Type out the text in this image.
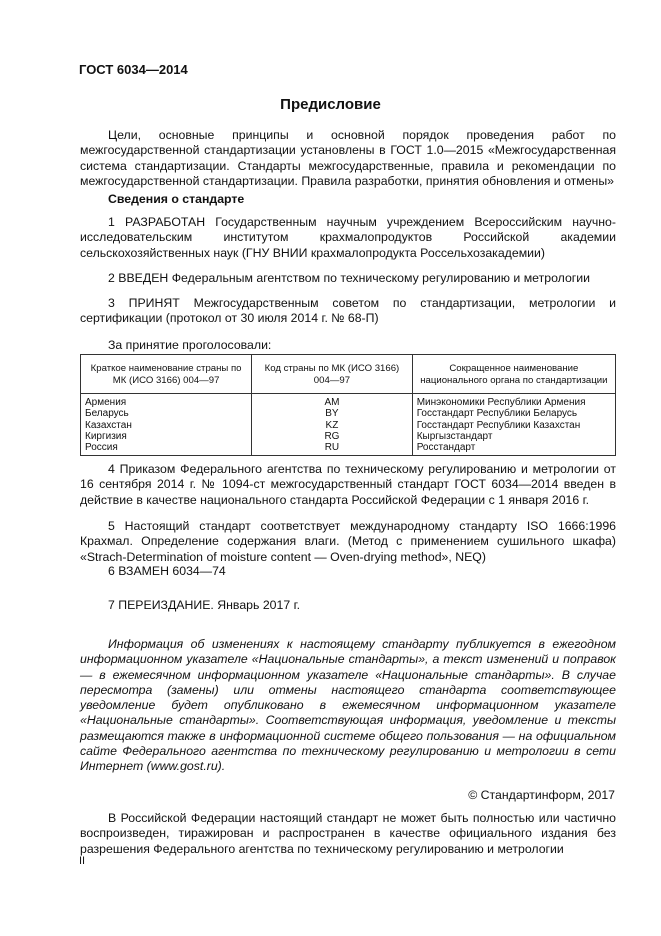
ГОСТ 6034—2014
Предисловие

Цели, основные принципы и основной порядок проведения работ по межгосударственной стандартизации установлены в ГОСТ 1.0—2015 «Межгосударственная система стандартизации. Стандарты межгосударственные, правила и рекомендации по межгосударственной стандартизации. Правила разработки, принятия обновления и отмены»

Сведения о стандарте

1 РАЗРАБОТАН Государственным научным учреждением Всероссийским научно-исследовательским институтом крахмалопродуктов Российской академии сельскохозяйственных наук (ГНУ ВНИИ крахмалопродукта Россельхозакадемии)

2 ВВЕДЕН Федеральным агентством по техническому регулированию и метрологии

3 ПРИНЯТ Межгосударственным советом по стандартизации, метрологии и сертификации (протокол от 30 июля 2014 г. № 68-П)

За принятие проголосовали:

Краткое наименование страны по МК (ИСО 3166) 004—97	Код страны по МК (ИСО 3166) 004—97	Сокращенное наименование национального органа по стандартизации
Армения	AM	Минэкономики Республики Армения
Беларусь	BY	Госстандарт Республики Беларусь
Казахстан	KZ	Госстандарт Республики Казахстан
Киргизия	RG	Кыргызстандарт
Россия	RU	Росстандарт

4 Приказом Федерального агентства по техническому регулированию и метрологии от 16 сентября 2014 г. № 1094-ст межгосударственный стандарт ГОСТ 6034—2014 введен в действие в качестве национального стандарта Российской Федерации с 1 января 2016 г.

5 Настоящий стандарт соответствует международному стандарту ISO 1666:1996 Крахмал. Определение содержания влаги. (Метод с применением сушильного шкафа) «Strach-Determination of moisture content — Oven-drying method», NEQ)

6 ВЗАМЕН 6034—74

7 ПЕРЕИЗДАНИЕ. Январь 2017 г.

Информация об изменениях к настоящему стандарту публикуется в ежегодном информационном указателе «Национальные стандарты», а текст изменений и поправок — в ежемесячном информационном указателе «Национальные стандарты». В случае пересмотра (замены) или отмены настоящего стандарта соответствующее уведомление будет опубликовано в ежемесячном информационном указателе «Национальные стандарты». Соответствующая информация, уведомление и тексты размещаются также в информационной системе общего пользования — на официальном сайте Федерального агентства по техническому регулированию и метрологии в сети Интернет (www.gost.ru).

© Стандартинформ, 2017

В Российской Федерации настоящий стандарт не может быть полностью или частично воспроизведен, тиражирован и распространен в качестве официального издания без разрешения Федерального агентства по техническому регулированию и метрологии

II
